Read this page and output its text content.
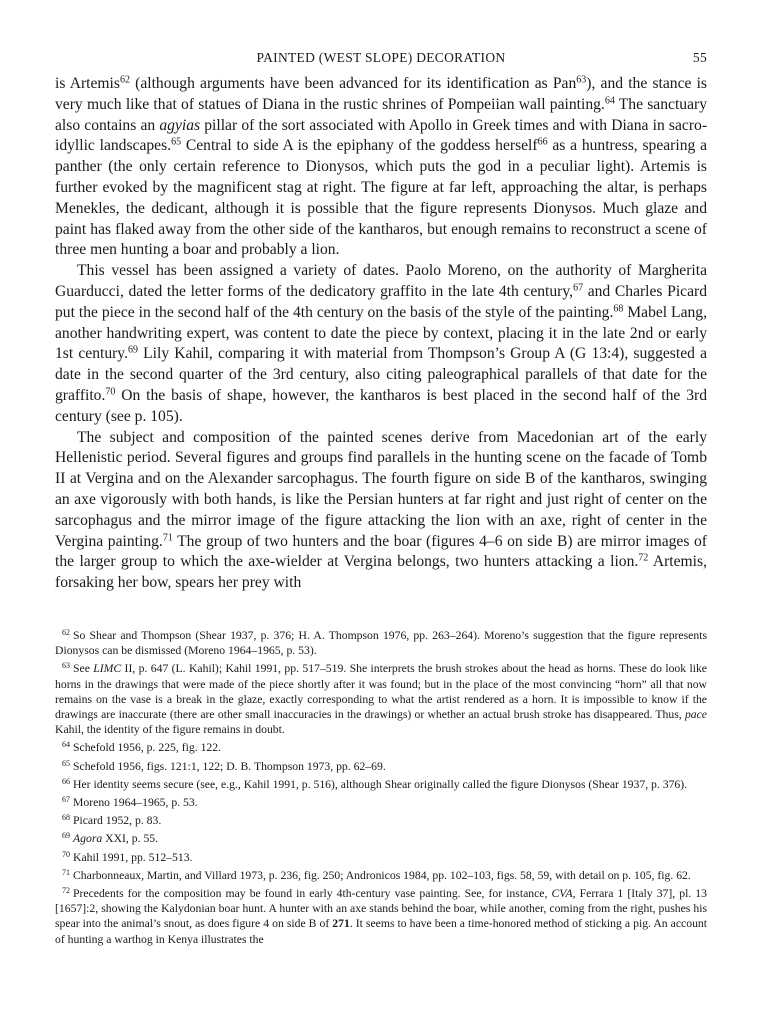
PAINTED (WEST SLOPE) DECORATION	55

is Artemis$^{62}$ (although arguments have been advanced for its identification as Pan$^{63}$), and the stance is very much like that of statues of Diana in the rustic shrines of Pompeiian wall painting.$^{64}$ The sanctuary also contains an agyias pillar of the sort associated with Apollo in Greek times and with Diana in sacro-idyllic landscapes.$^{65}$ Central to side A is the epiphany of the goddess herself$^{66}$ as a huntress, spearing a panther (the only certain reference to Dionysos, which puts the god in a peculiar light). Artemis is further evoked by the magnificent stag at right. The figure at far left, approaching the altar, is perhaps Menekles, the dedicant, although it is possible that the figure represents Dionysos. Much glaze and paint has flaked away from the other side of the kantharos, but enough remains to reconstruct a scene of three men hunting a boar and probably a lion.

This vessel has been assigned a variety of dates. Paolo Moreno, on the authority of Margherita Guarducci, dated the letter forms of the dedicatory graffito in the late 4th century,$^{67}$ and Charles Picard put the piece in the second half of the 4th century on the basis of the style of the painting.$^{68}$ Mabel Lang, another handwriting expert, was content to date the piece by context, placing it in the late 2nd or early 1st century.$^{69}$ Lily Kahil, comparing it with material from Thompson’s Group A (G 13:4), suggested a date in the second quarter of the 3rd century, also citing paleographical parallels of that date for the graffito.$^{70}$ On the basis of shape, however, the kantharos is best placed in the second half of the 3rd century (see p. 105).

The subject and composition of the painted scenes derive from Macedonian art of the early Hellenistic period. Several figures and groups find parallels in the hunting scene on the facade of Tomb II at Vergina and on the Alexander sarcophagus. The fourth figure on side B of the kantharos, swinging an axe vigorously with both hands, is like the Persian hunters at far right and just right of center on the sarcophagus and the mirror image of the figure attacking the lion with an axe, right of center in the Vergina painting.$^{71}$ The group of two hunters and the boar (figures 4–6 on side B) are mirror images of the larger group to which the axe-wielder at Vergina belongs, two hunters attacking a lion.$^{72}$ Artemis, forsaking her bow, spears her prey with

$^{62}$ So Shear and Thompson (Shear 1937, p. 376; H. A. Thompson 1976, pp. 263–264). Moreno’s suggestion that the figure represents Dionysos can be dismissed (Moreno 1964–1965, p. 53).
$^{63}$ See LIMC II, p. 647 (L. Kahil); Kahil 1991, pp. 517–519. She interprets the brush strokes about the head as horns. These do look like horns in the drawings that were made of the piece shortly after it was found; but in the place of the most convincing “horn” all that now remains on the vase is a break in the glaze, exactly corresponding to what the artist rendered as a horn. It is impossible to know if the drawings are inaccurate (there are other small inaccuracies in the drawings) or whether an actual brush stroke has disappeared. Thus, pace Kahil, the identity of the figure remains in doubt.
$^{64}$ Schefold 1956, p. 225, fig. 122.
$^{65}$ Schefold 1956, figs. 121:1, 122; D. B. Thompson 1973, pp. 62–69.
$^{66}$ Her identity seems secure (see, e.g., Kahil 1991, p. 516), although Shear originally called the figure Dionysos (Shear 1937, p. 376).
$^{67}$ Moreno 1964–1965, p. 53.
$^{68}$ Picard 1952, p. 83.
$^{69}$ Agora XXI, p. 55.
$^{70}$ Kahil 1991, pp. 512–513.
$^{71}$ Charbonneaux, Martin, and Villard 1973, p. 236, fig. 250; Andronicos 1984, pp. 102–103, figs. 58, 59, with detail on p. 105, fig. 62.
$^{72}$ Precedents for the composition may be found in early 4th-century vase painting. See, for instance, CVA, Ferrara 1 [Italy 37], pl. 13 [1657]:2, showing the Kalydonian boar hunt. A hunter with an axe stands behind the boar, while another, coming from the right, pushes his spear into the animal’s snout, as does figure 4 on side B of 271. It seems to have been a time-honored method of sticking a pig. An account of hunting a warthog in Kenya illustrates the
